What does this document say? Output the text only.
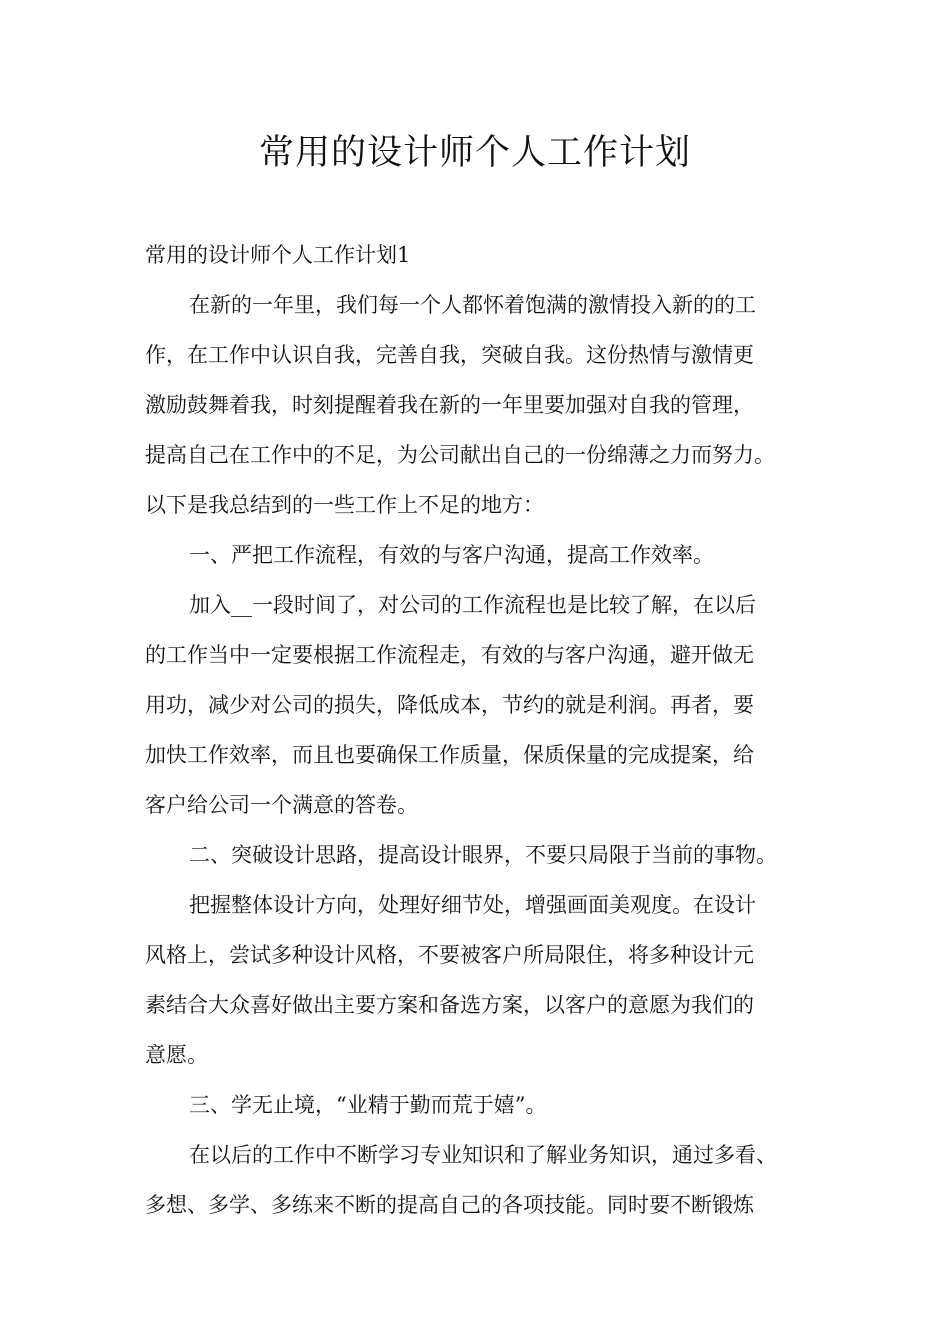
常用的设计师个人工作计划

常用的设计师个人工作计划1

在新的一年里，我们每一个人都怀着饱满的激情投入新的的工
作，在工作中认识自我，完善自我，突破自我。这份热情与激情更
激励鼓舞着我，时刻提醒着我在新的一年里要加强对自我的管理，
提高自己在工作中的不足，为公司献出自己的一份绵薄之力而努力。
以下是我总结到的一些工作上不足的地方：

一、严把工作流程，有效的与客户沟通，提高工作效率。

加入__一段时间了，对公司的工作流程也是比较了解，在以后
的工作当中一定要根据工作流程走，有效的与客户沟通，避开做无
用功，减少对公司的损失，降低成本，节约的就是利润。再者，要
加快工作效率，而且也要确保工作质量，保质保量的完成提案，给
客户给公司一个满意的答卷。

二、突破设计思路，提高设计眼界，不要只局限于当前的事物。

把握整体设计方向，处理好细节处，增强画面美观度。在设计
风格上，尝试多种设计风格，不要被客户所局限住，将多种设计元
素结合大众喜好做出主要方案和备选方案，以客户的意愿为我们的
意愿。

三、学无止境，“业精于勤而荒于嬉”。

在以后的工作中不断学习专业知识和了解业务知识，通过多看、
多想、多学、多练来不断的提高自己的各项技能。同时要不断锻炼
